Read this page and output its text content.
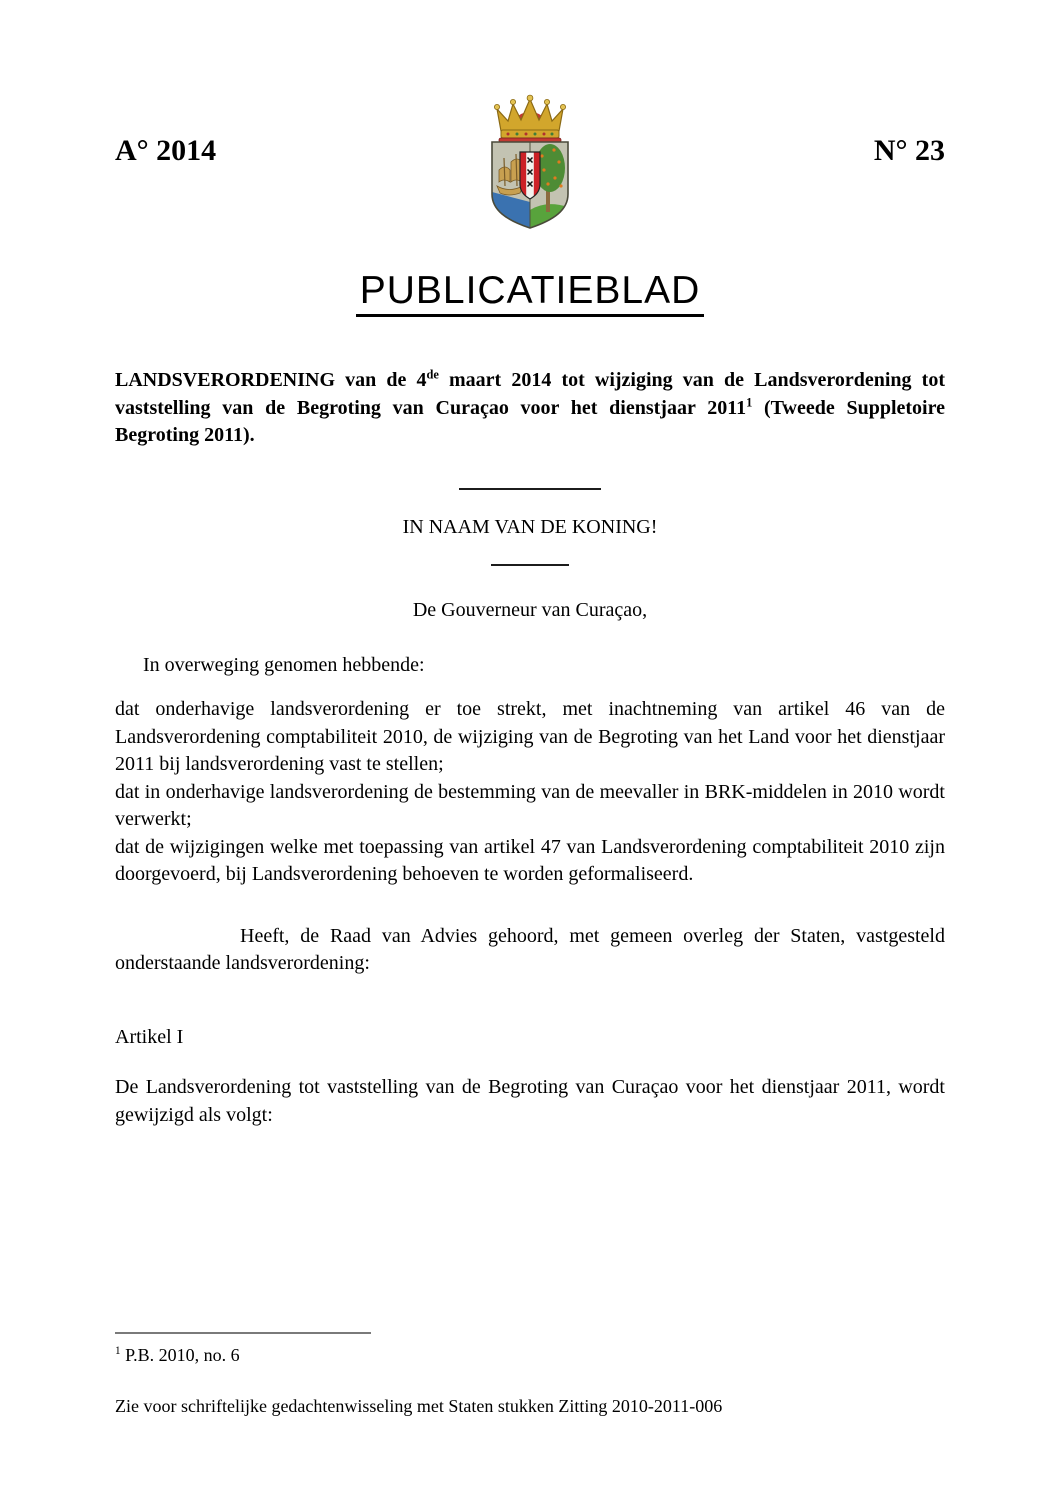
A° 2014	N° 23
PUBLICATIEBLAD

LANDSVERORDENING van de 4de maart 2014 tot wijziging van de Landsverordening tot vaststelling van de Begroting van Curaçao voor het dienstjaar 2011$^1$ (Tweede Suppletoire Begroting 2011).

IN NAAM VAN DE KONING!
De Gouverneur van Curaçao,

In overweging genomen hebbende:

dat onderhavige landsverordening er toe strekt, met inachtneming van artikel 46 van de Landsverordening comptabiliteit 2010, de wijziging van de Begroting van het Land voor het dienstjaar 2011 bij landsverordening vast te stellen;

dat in onderhavige landsverordening de bestemming van de meevaller in BRK-middelen in 2010 wordt verwerkt;

dat de wijzigingen welke met toepassing van artikel 47 van Landsverordening comptabiliteit 2010 zijn doorgevoerd, bij Landsverordening behoeven te worden geformaliseerd.

Heeft, de Raad van Advies gehoord, met gemeen overleg der Staten, vastgesteld onderstaande landsverordening:

Artikel I

De Landsverordening tot vaststelling van de Begroting van Curaçao voor het dienstjaar 2011, wordt gewijzigd als volgt:

$^1$ P.B. 2010, no. 6

Zie voor schriftelijke gedachtenwisseling met Staten stukken Zitting 2010-2011-006
